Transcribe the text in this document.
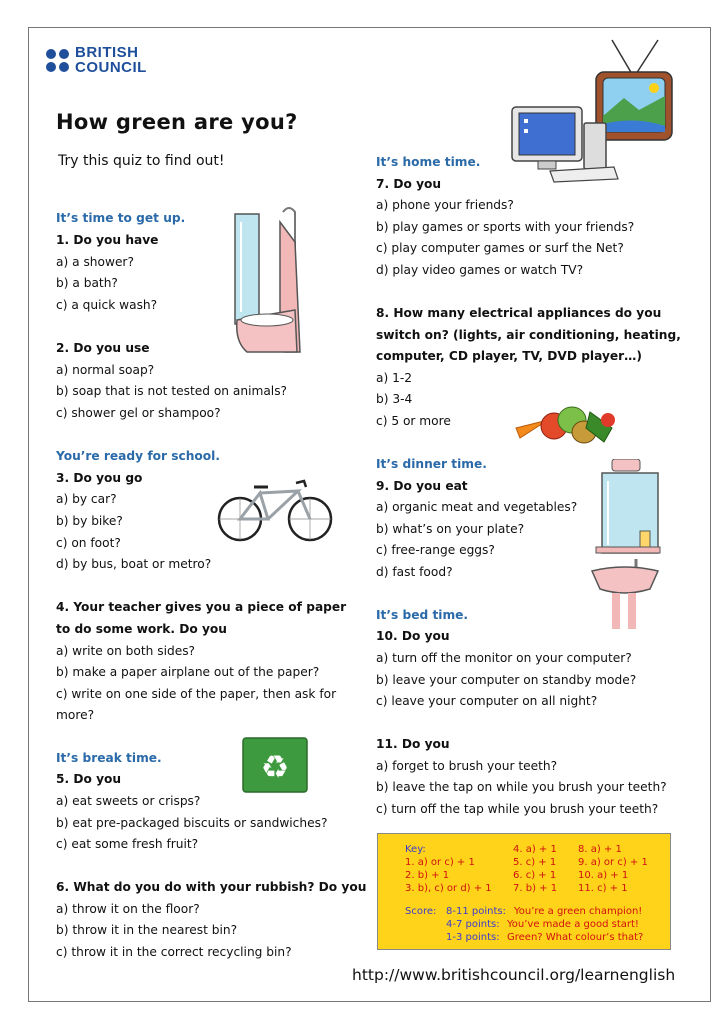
BRITISH
COUNCIL
How green are you?
Try this quiz to find out!
It’s time to get up.
1. Do you have
a) a shower?
b) a bath?
c) a quick wash?
2. Do you use
a) normal soap?
b) soap that is not tested on animals?
c) shower gel or shampoo?
You’re ready for school.
3. Do you go
a) by car?
b) by bike?
c) on foot?
d) by bus, boat or metro?
4. Your teacher gives you a piece of paper
to do some work. Do you
a) write on both sides?
b) make a paper airplane out of the paper?
c) write on one side of the paper, then ask for
more?
It’s break time.
5. Do you
a) eat sweets or crisps?
b) eat pre-packaged biscuits or sandwiches?
c) eat some fresh fruit?
6. What do you do with your rubbish? Do you
a) throw it on the floor?
b) throw it in the nearest bin?
c) throw it in the correct recycling bin?
It’s home time.
7. Do you
a) phone your friends?
b) play games or sports with your friends?
c) play computer games or surf the Net?
d) play video games or watch TV?
8. How many electrical appliances do you
switch on? (lights, air conditioning, heating,
computer, CD player, TV, DVD player…)
a) 1-2
b) 3-4
c) 5 or more
It’s dinner time.
9. Do you eat
a) organic meat and vegetables?
b) what’s on your plate?
c) free-range eggs?
d) fast food?
It’s bed time.
10. Do you
a) turn off the monitor on your computer?
b) leave your computer on standby mode?
c) leave your computer on all night?
11. Do you
a) forget to brush your teeth?
b) leave the tap on while you brush your teeth?
c) turn off the tap while you brush your teeth?
Key:
1. a) or c) + 1
2. b) + 1
3. b), c) or d) + 1
4. a) + 1
5. c) + 1
6. c) + 1
7. b) + 1
8. a) + 1
9. a) or c) + 1
10. a) + 1
11. c) + 1
Score: 8-11 points: You’re a green champion!
4-7 points: You’ve made a good start!
1-3 points: Green? What colour’s that?
http://www.britishcouncil.org/learnenglish
♻
